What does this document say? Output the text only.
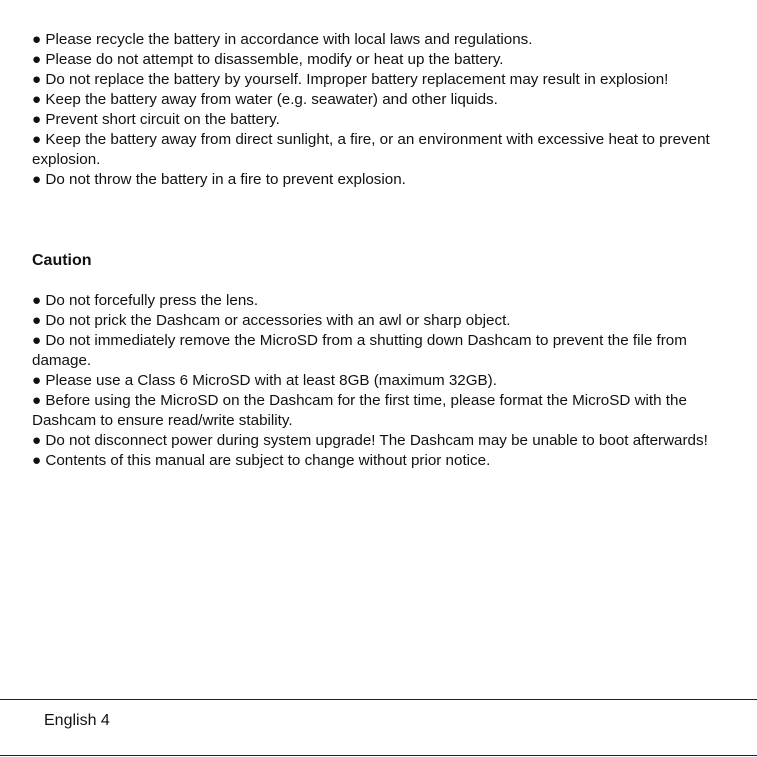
● Please recycle the battery in accordance with local laws and regulations.

● Please do not attempt to disassemble, modify or heat up the battery.

● Do not replace the battery by yourself. Improper battery replacement may result in explosion!

● Keep the battery away from water (e.g. seawater) and other liquids.

● Prevent short circuit on the battery.

● Keep the battery away from direct sunlight, a fire, or an environment with excessive heat to prevent explosion.

● Do not throw the battery in a fire to prevent explosion.

Caution

● Do not forcefully press the lens.

● Do not prick the Dashcam or accessories with an awl or sharp object.

● Do not immediately remove the MicroSD from a shutting down Dashcam to prevent the file from damage.

● Please use a Class 6 MicroSD with at least 8GB (maximum 32GB).

● Before using the MicroSD on the Dashcam for the first time, please format the MicroSD with the Dashcam to ensure read/write stability.

● Do not disconnect power during system upgrade! The Dashcam may be unable to boot afterwards!

● Contents of this manual are subject to change without prior notice.

English 4
